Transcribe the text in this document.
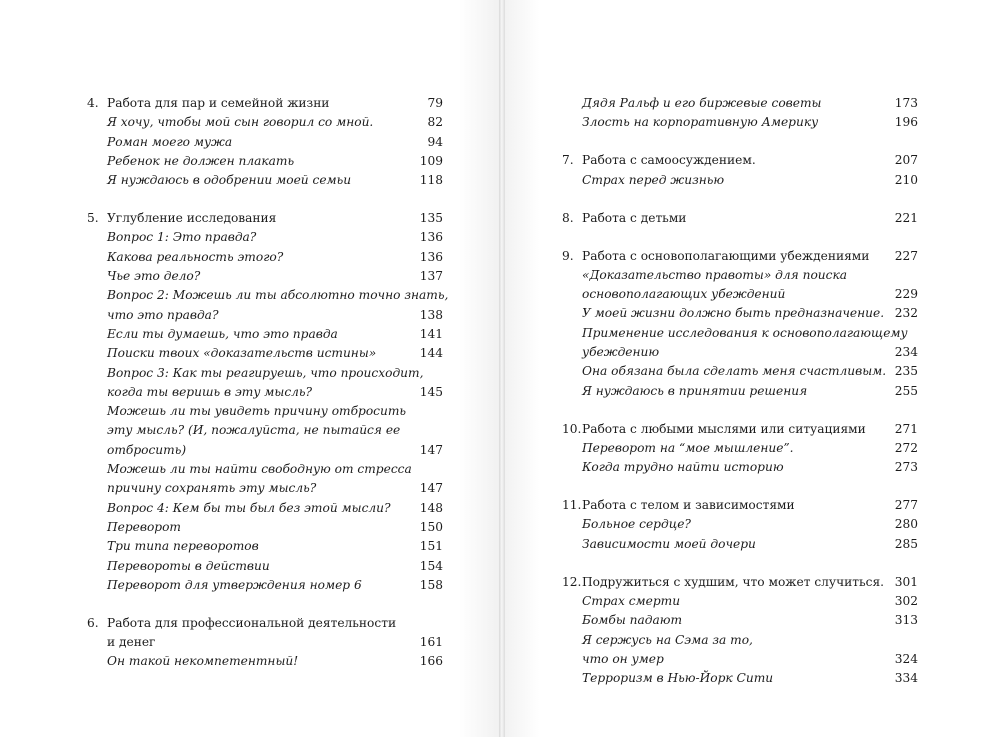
4. Работа для пар и семейной жизни . . .	79
Я хочу, чтобы мой сын говорил со мной. . . .	82
Роман моего мужа . . .	94
Ребенок не должен плакать . . .	109
Я нуждаюсь в одобрении моей семьи . . .	118
5. Углубление исследования . . .	135
Вопрос 1: Это правда? . . .	136
Какова реальность этого? . . .	136
Чье это дело? . . .	137
Вопрос 2: Можешь ли ты абсолютно точно знать,
что это правда? . . .	138
Если ты думаешь, что это правда . . .	141
Поиски твоих «доказательств истины» . . .	144
Вопрос 3: Как ты реагируешь, что происходит,
когда ты веришь в эту мысль? . . .	145
Можешь ли ты увидеть причину отбросить
эту мысль? (И, пожалуйста, не пытайся ее
отбросить) . . .	147
Можешь ли ты найти свободную от стресса
причину сохранять эту мысль? . . .	147
Вопрос 4: Кем бы ты был без этой мысли? . . . 148
Переворот . . .	150
Три типа переворотов . . .	151
Перевороты в действии . . .	154
Переворот для утверждения номер 6 . . .	158
6. Работа для профессиональной деятельности
и денег . . .	161
Он такой некомпетентный! . . .	166
Дядя Ральф и его биржевые советы . . .	173
Злость на корпоративную Америку . . .	196
7. Работа с самоосуждением. . . .	207
Страх перед жизнью . . .	210
8. Работа с детьми . . .	221
9. Работа с основополагающими убеждениями . . . 227
«Доказательство правоты» для поиска
основополагающих убеждений . . .	229
У моей жизни должно быть предназначение. . . . 232
Применение исследования к основополагающему
убеждению . . .	234
Она обязана была сделать меня счастливым. . . . 235
Я нуждаюсь в принятии решения . . .	255
10. Работа с любыми мыслями или ситуациями . . . 271
Переворот на “мое мышление”. . . .	272
Когда трудно найти историю . . .	273
11. Работа с телом и зависимостями . . .	277
Больное сердце? . . .	280
Зависимости моей дочери . . .	285
12. Подружиться с худшим, что может случиться. . . . 301
Страх смерти . . .	302
Бомбы падают . . .	313
Я сержусь на Сэма за то,
что он умер . . .	324
Терроризм в Нью-Йорк Сити . . .	334
